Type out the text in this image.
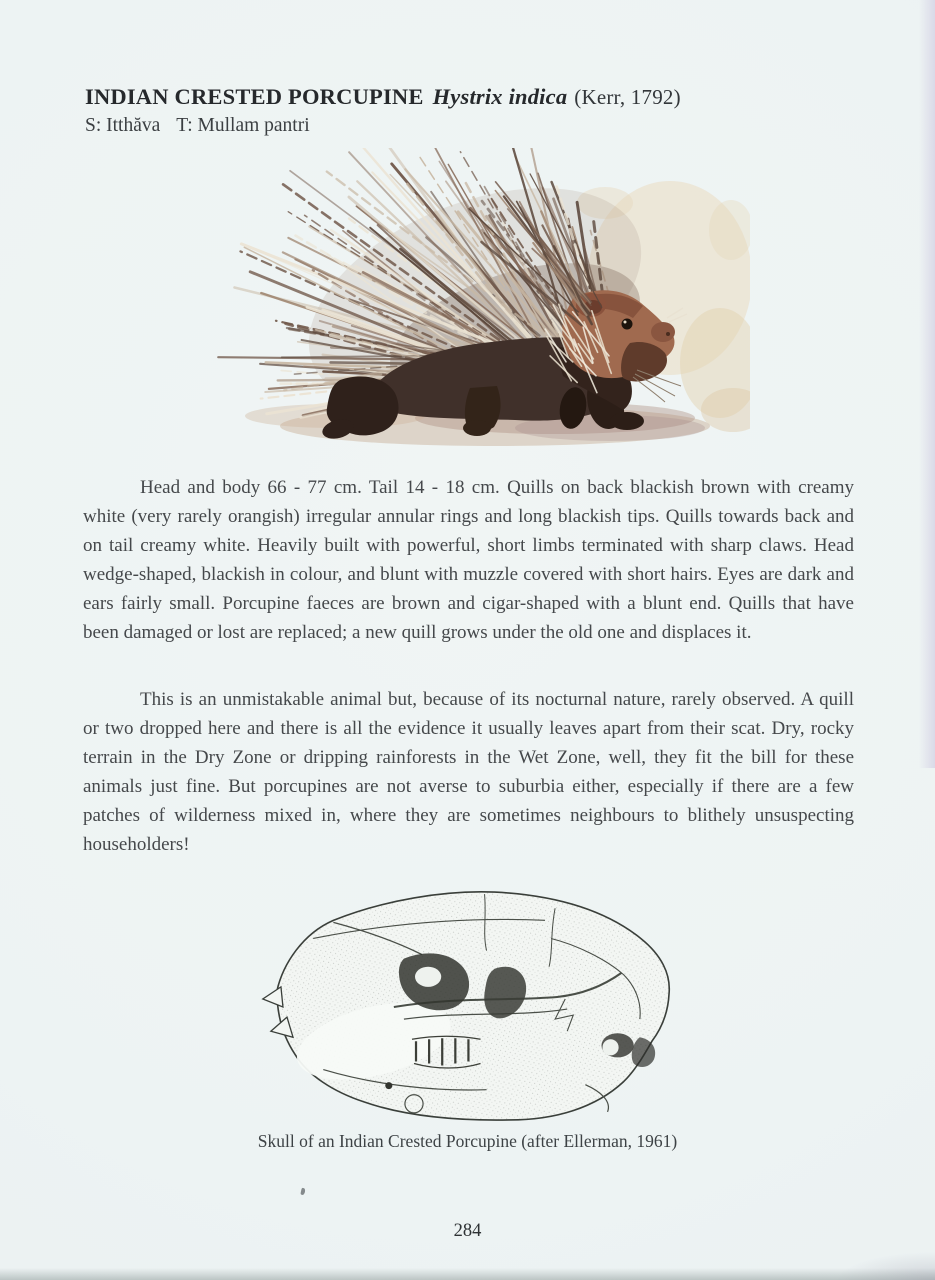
INDIAN CRESTED PORCUPINE Hystrix indica (Kerr, 1792)

S: Itthăva T: Mullam pantri

Head and body 66 - 77 cm. Tail 14 - 18 cm. Quills on back blackish brown with creamy white (very rarely orangish) irregular annular rings and long blackish tips. Quills towards back and on tail creamy white. Heavily built with powerful, short limbs terminated with sharp claws. Head wedge-shaped, blackish in colour, and blunt with muzzle covered with short hairs. Eyes are dark and ears fairly small. Porcupine faeces are brown and cigar-shaped with a blunt end. Quills that have been damaged or lost are replaced; a new quill grows under the old one and displaces it.

This is an unmistakable animal but, because of its nocturnal nature, rarely observed. A quill or two dropped here and there is all the evidence it usually leaves apart from their scat. Dry, rocky terrain in the Dry Zone or dripping rainforests in the Wet Zone, well, they fit the bill for these animals just fine. But porcupines are not averse to suburbia either, especially if there are a few patches of wilderness mixed in, where they are sometimes neighbours to blithely unsuspecting householders!

Skull of an Indian Crested Porcupine (after Ellerman, 1961)

284
